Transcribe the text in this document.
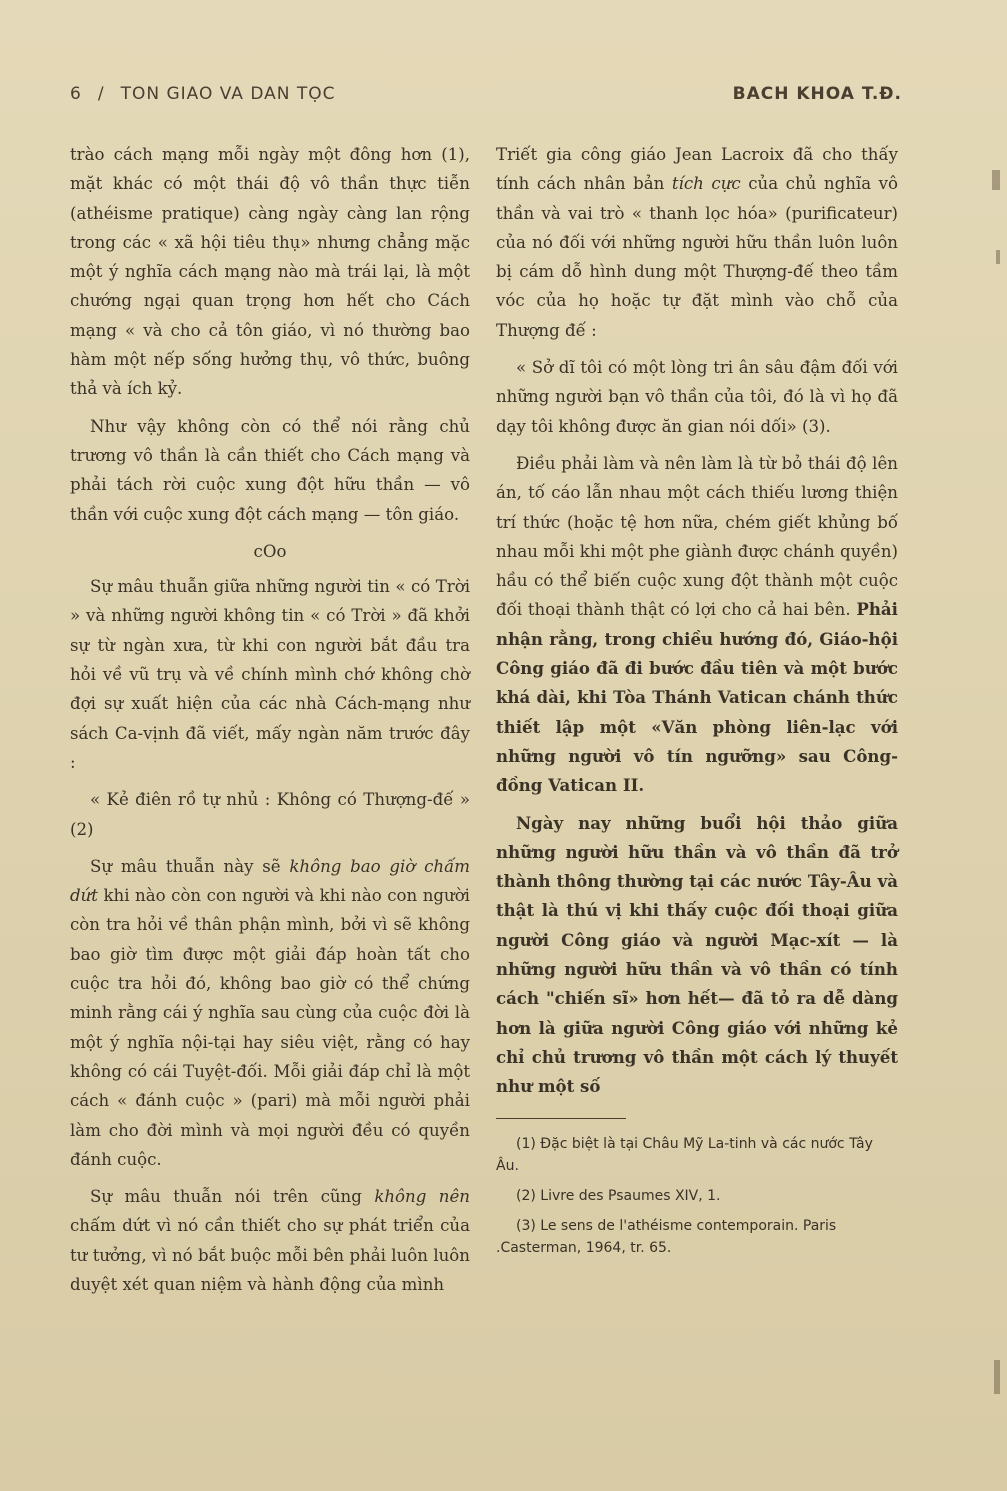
6 / TON GIAO VA DAN TỌC	BACH KHOA T.Đ.

trào cách mạng mỗi ngày một đông hơn (1), mặt khác có một thái độ vô thần thực tiễn (athéisme pratique) càng ngày càng lan rộng trong các « xã hội tiêu thụ» nhưng chẳng mặc một ý nghĩa cách mạng nào mà trái lại, là một chướng ngại quan trọng hơn hết cho Cách mạng « và cho cả tôn giáo, vì nó thường bao hàm một nếp sống hưởng thụ, vô thức, buông thả và ích kỷ.

Như vậy không còn có thể nói rằng chủ trương vô thần là cần thiết cho Cách mạng và phải tách rời cuộc xung đột hữu thần — vô thần với cuộc xung đột cách mạng — tôn giáo.

cOo

Sự mâu thuẫn giữa những người tin « có Trời » và những người không tin « có Trời » đã khởi sự từ ngàn xưa, từ khi con người bắt đầu tra hỏi về vũ trụ và về chính mình chớ không chờ đợi sự xuất hiện của các nhà Cách-mạng như sách Ca-vịnh đã viết, mấy ngàn năm trước đây :

« Kẻ điên rồ tự nhủ : Không có Thượng-đế » (2)

Sự mâu thuẫn này sẽ không bao giờ chấm dứt khi nào còn con người và khi nào con người còn tra hỏi về thân phận mình, bởi vì sẽ không bao giờ tìm được một giải đáp hoàn tất cho cuộc tra hỏi đó, không bao giờ có thể chứng minh rằng cái ý nghĩa sau cùng của cuộc đời là một ý nghĩa nội-tại hay siêu việt, rằng có hay không có cái Tuyệt-đối. Mỗi giải đáp chỉ là một cách « đánh cuộc » (pari) mà mỗi người phải làm cho đời mình và mọi người đều có quyền đánh cuộc.

Sự mâu thuẫn nói trên cũng không nên chấm dứt vì nó cần thiết cho sự phát triển của tư tưởng, vì nó bắt buộc mỗi bên phải luôn luôn duyệt xét quan niệm và hành động của mình

Triết gia công giáo Jean Lacroix đã cho thấy tính cách nhân bản tích cực của chủ nghĩa vô thần và vai trò « thanh lọc hóa» (purificateur) của nó đối với những người hữu thần luôn luôn bị cám dỗ hình dung một Thượng-đế theo tầm vóc của họ hoặc tự đặt mình vào chỗ của Thượng đế :

« Sở dĩ tôi có một lòng tri ân sâu đậm đối với những người bạn vô thần của tôi, đó là vì họ đã dạy tôi không được ăn gian nói dối» (3).

Điều phải làm và nên làm là từ bỏ thái độ lên án, tố cáo lẫn nhau một cách thiếu lương thiện trí thức (hoặc tệ hơn nữa, chém giết khủng bố nhau mỗi khi một phe giành được chánh quyền) hầu có thể biến cuộc xung đột thành một cuộc đối thoại thành thật có lợi cho cả hai bên. Phải nhận rằng, trong chiều hướng đó, Giáo-hội Công giáo đã đi bước đầu tiên và một bước khá dài, khi Tòa Thánh Vatican chánh thức thiết lập một «Văn phòng liên-lạc với những người vô tín ngưỡng» sau Công-đồng Vatican II.

Ngày nay những buổi hội thảo giữa những người hữu thần và vô thần đã trở thành thông thường tại các nước Tây-Âu và thật là thú vị khi thấy cuộc đối thoại giữa người Công giáo và người Mạc-xít — là những người hữu thần và vô thần có tính cách "chiến sĩ» hơn hết— đã tỏ ra dễ dàng hơn là giữa người Công giáo với những kẻ chỉ chủ trương vô thần một cách lý thuyết như một số

(1) Đặc biệt là tại Châu Mỹ La-tinh và các nước Tây Âu.

(2) Livre des Psaumes XIV, 1.

(3) Le sens de l'athéisme contemporain. Paris .Casterman, 1964, tr. 65.
